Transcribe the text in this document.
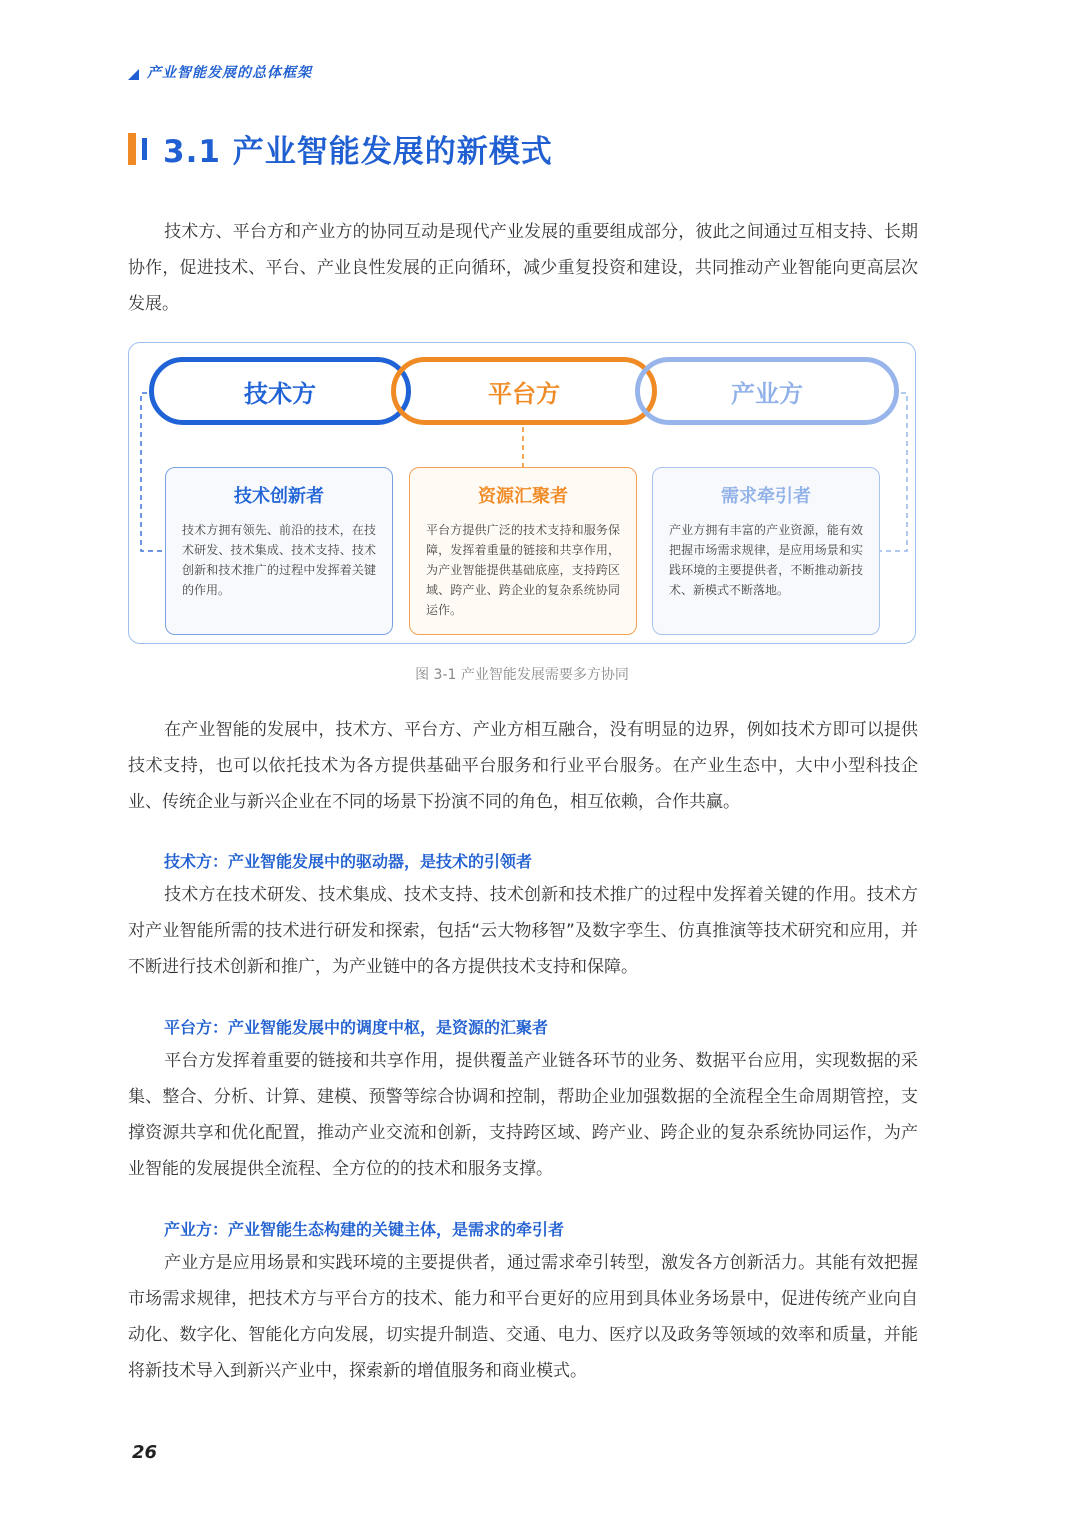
产业智能发展的总体框架
3.1 产业智能发展的新模式

技术方、平台方和产业方的协同互动是现代产业发展的重要组成部分，彼此之间通过互相支持、长期协作，促进技术、平台、产业良性发展的正向循环，减少重复投资和建设，共同推动产业智能向更高层次发展。

技术方	平台方	产业方
技术创新者

技术方拥有领先、前沿的技术，在技术研发、技术集成、技术支持、技术创新和技术推广的过程中发挥着关键的作用。

资源汇聚者

平台方提供广泛的技术支持和服务保障，发挥着重量的链接和共享作用，为产业智能提供基础底座，支持跨区域、跨产业、跨企业的复杂系统协同运作。

需求牵引者

产业方拥有丰富的产业资源，能有效把握市场需求规律，是应用场景和实践环境的主要提供者，不断推动新技术、新模式不断落地。

图 3-1 产业智能发展需要多方协同

在产业智能的发展中，技术方、平台方、产业方相互融合，没有明显的边界，例如技术方即可以提供技术支持，也可以依托技术为各方提供基础平台服务和行业平台服务。在产业生态中，大中小型科技企业、传统企业与新兴企业在不同的场景下扮演不同的角色，相互依赖，合作共赢。

技术方：产业智能发展中的驱动器，是技术的引领者

技术方在技术研发、技术集成、技术支持、技术创新和技术推广的过程中发挥着关键的作用。技术方对产业智能所需的技术进行研发和探索，包括“云大物移智”及数字孪生、仿真推演等技术研究和应用，并不断进行技术创新和推广，为产业链中的各方提供技术支持和保障。

平台方：产业智能发展中的调度中枢，是资源的汇聚者

平台方发挥着重要的链接和共享作用，提供覆盖产业链各环节的业务、数据平台应用，实现数据的采集、整合、分析、计算、建模、预警等综合协调和控制，帮助企业加强数据的全流程全生命周期管控，支撑资源共享和优化配置，推动产业交流和创新，支持跨区域、跨产业、跨企业的复杂系统协同运作，为产业智能的发展提供全流程、全方位的的技术和服务支撑。

产业方：产业智能生态构建的关键主体，是需求的牵引者

产业方是应用场景和实践环境的主要提供者，通过需求牵引转型，激发各方创新活力。其能有效把握市场需求规律，把技术方与平台方的技术、能力和平台更好的应用到具体业务场景中，促进传统产业向自动化、数字化、智能化方向发展，切实提升制造、交通、电力、医疗以及政务等领域的效率和质量，并能将新技术导入到新兴产业中，探索新的增值服务和商业模式。

26
